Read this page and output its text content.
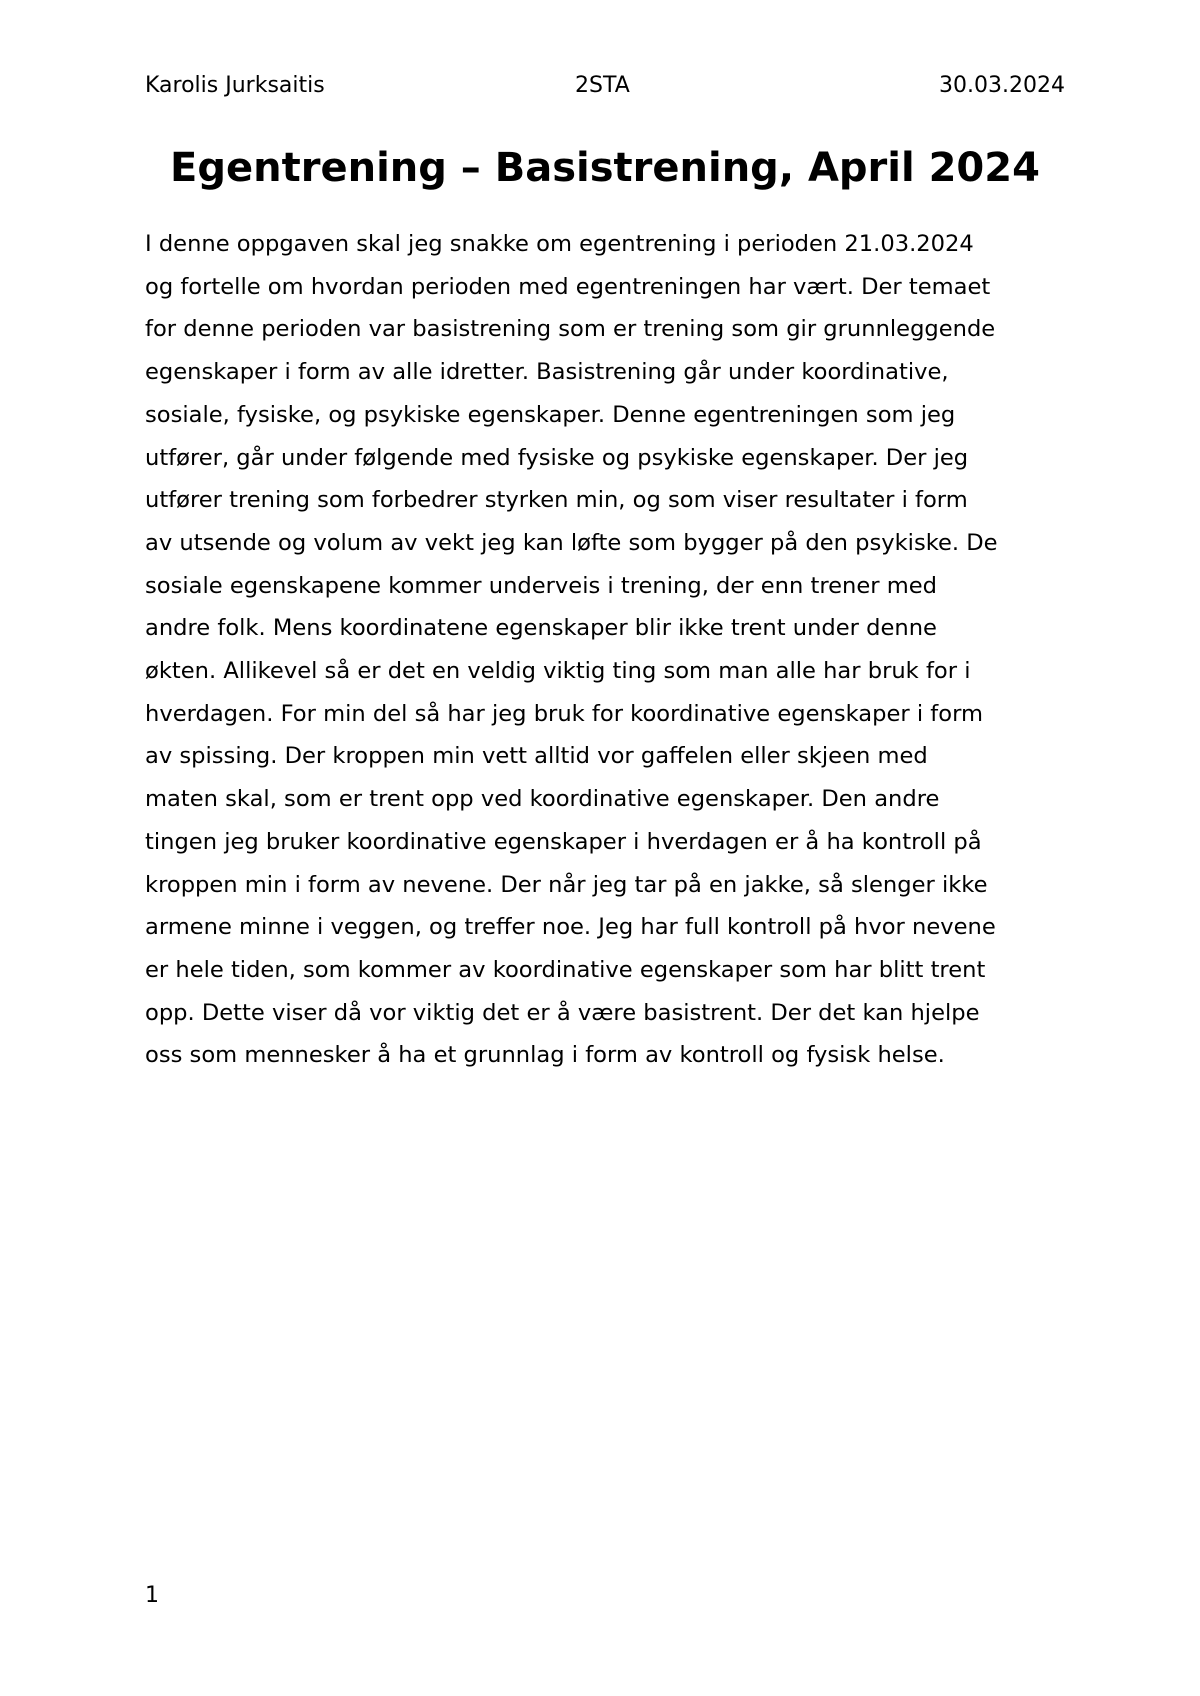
Karolis Jurksaitis	2STA	30.03.2024
Egentrening – Basistrening, April 2024
I denne oppgaven skal jeg snakke om egentrening i perioden 21.03.2024
og fortelle om hvordan perioden med egentreningen har vært. Der temaet
for denne perioden var basistrening som er trening som gir grunnleggende
egenskaper i form av alle idretter. Basistrening går under koordinative,
sosiale, fysiske, og psykiske egenskaper. Denne egentreningen som jeg
utfører, går under følgende med fysiske og psykiske egenskaper. Der jeg
utfører trening som forbedrer styrken min, og som viser resultater i form
av utsende og volum av vekt jeg kan løfte som bygger på den psykiske. De
sosiale egenskapene kommer underveis i trening, der enn trener med
andre folk. Mens koordinatene egenskaper blir ikke trent under denne
økten. Allikevel så er det en veldig viktig ting som man alle har bruk for i
hverdagen. For min del så har jeg bruk for koordinative egenskaper i form
av spissing. Der kroppen min vett alltid vor gaffelen eller skjeen med
maten skal, som er trent opp ved koordinative egenskaper. Den andre
tingen jeg bruker koordinative egenskaper i hverdagen er å ha kontroll på
kroppen min i form av nevene. Der når jeg tar på en jakke, så slenger ikke
armene minne i veggen, og treffer noe. Jeg har full kontroll på hvor nevene
er hele tiden, som kommer av koordinative egenskaper som har blitt trent
opp. Dette viser då vor viktig det er å være basistrent. Der det kan hjelpe
oss som mennesker å ha et grunnlag i form av kontroll og fysisk helse.
1
